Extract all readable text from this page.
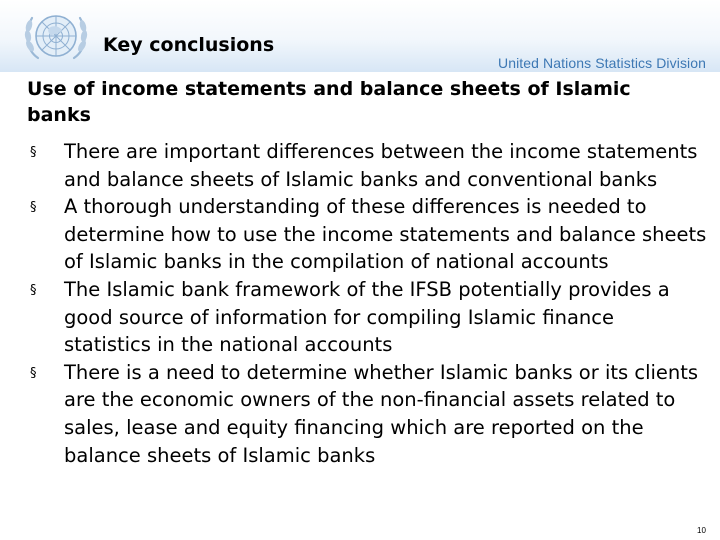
Key conclusions
United Nations Statistics Division
Use of income statements and balance sheets of Islamic banks
§ There are important differences between the income statements and balance sheets of Islamic banks and conventional banks
§ A thorough understanding of these differences is needed to determine how to use the income statements and balance sheets of Islamic banks in the compilation of national accounts
§ The Islamic bank framework of the IFSB potentially provides a good source of information for compiling Islamic finance statistics in the national accounts
§ There is a need to determine whether Islamic banks or its clients are the economic owners of the non-financial assets related to sales, lease and equity financing which are reported on the balance sheets of Islamic banks
10
